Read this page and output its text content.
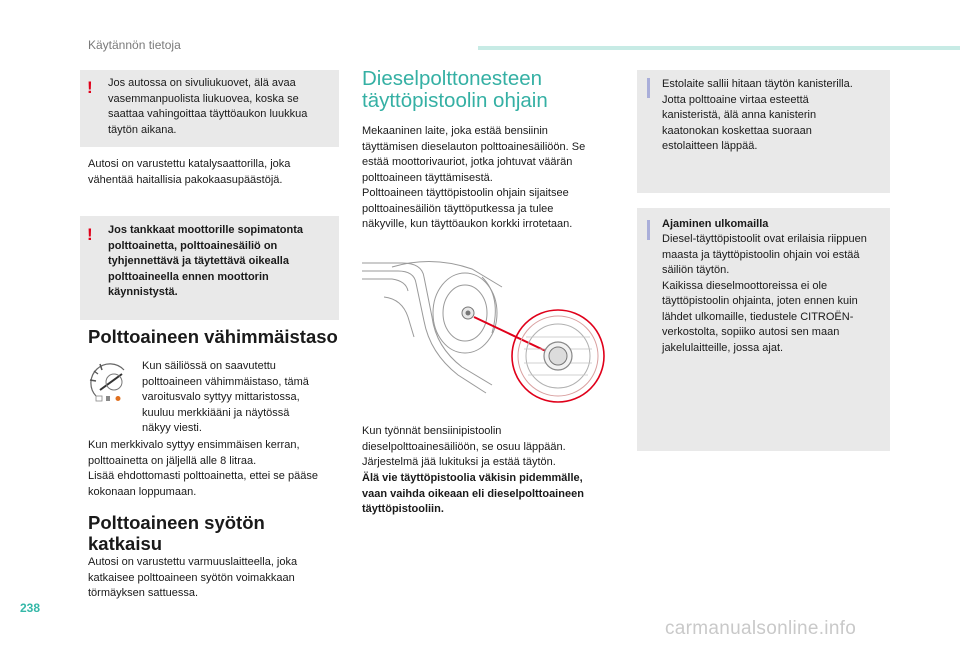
Käytännön tietoja
! Jos autossa on sivuliukuovet, älä avaa
vasemmanpuolista liukuovea, koska se
saattaa vahingoittaa täyttöaukon luukkua
täytön aikana.

Autosi on varustettu katalysaattorilla, joka
vähentää haitallisia pakokaasupäästöjä.

! Jos tankkaat moottorille sopimatonta
polttoainetta, polttoainesäiliö on
tyhjennettävä ja täytettävä oikealla
polttoaineella ennen moottorin
käynnistystä.
Polttoaineen vähimmäistaso
Kun säiliössä on saavutettu
polttoaineen vähimmäistaso, tämä
varoitusvalo syttyy mittaristossa,
kuuluu merkkiääni ja näytössä
näkyy viesti.

Kun merkkivalo syttyy ensimmäisen kerran,
polttoainetta on jäljellä alle 8 litraa.
Lisää ehdottomasti polttoainetta, ettei se pääse
kokonaan loppumaan.

Polttoaineen syötön
katkaisu

Autosi on varustettu varmuuslaitteella, joka
katkaisee polttoaineen syötön voimakkaan
törmäyksen sattuessa.

Dieselpolttonesteen
täyttöpistoolin ohjain

Mekaaninen laite, joka estää bensiinin
täyttämisen dieselauton polttoainesäiliöön. Se
estää moottorivauriot, jotka johtuvat väärän
polttoaineen täyttämisestä.
Polttoaineen täyttöpistoolin ohjain sijaitsee
polttoainesäiliön täyttöputkessa ja tulee
näkyville, kun täyttöaukon korkki irrotetaan.

Kun työnnät bensiinipistoolin
dieselpolttoainesäiliöön, se osuu läppään.
Järjestelmä jää lukituksi ja estää täytön.

Älä vie täyttöpistoolia väkisin pidemmälle,
vaan vaihda oikeaan eli dieselpolttoaineen
täyttöpistooliin.

Estolaite sallii hitaan täytön kanisterilla.
Jotta polttoaine virtaa esteettä
kanisteristä, älä anna kanisterin
kaatonokan koskettaa suoraan
estolaitteen läppää.
Ajaminen ulkomailla
Diesel-täyttöpistoolit ovat erilaisia riippuen
maasta ja täyttöpistoolin ohjain voi estää
säiliön täytön.
Kaikissa dieselmoottoreissa ei ole
täyttöpistoolin ohjainta, joten ennen kuin
lähdet ulkomaille, tiedustele CITROËN-
verkostolta, sopiiko autosi sen maan
jakelulaitteille, jossa ajat.
238
carmanualsonline.info
